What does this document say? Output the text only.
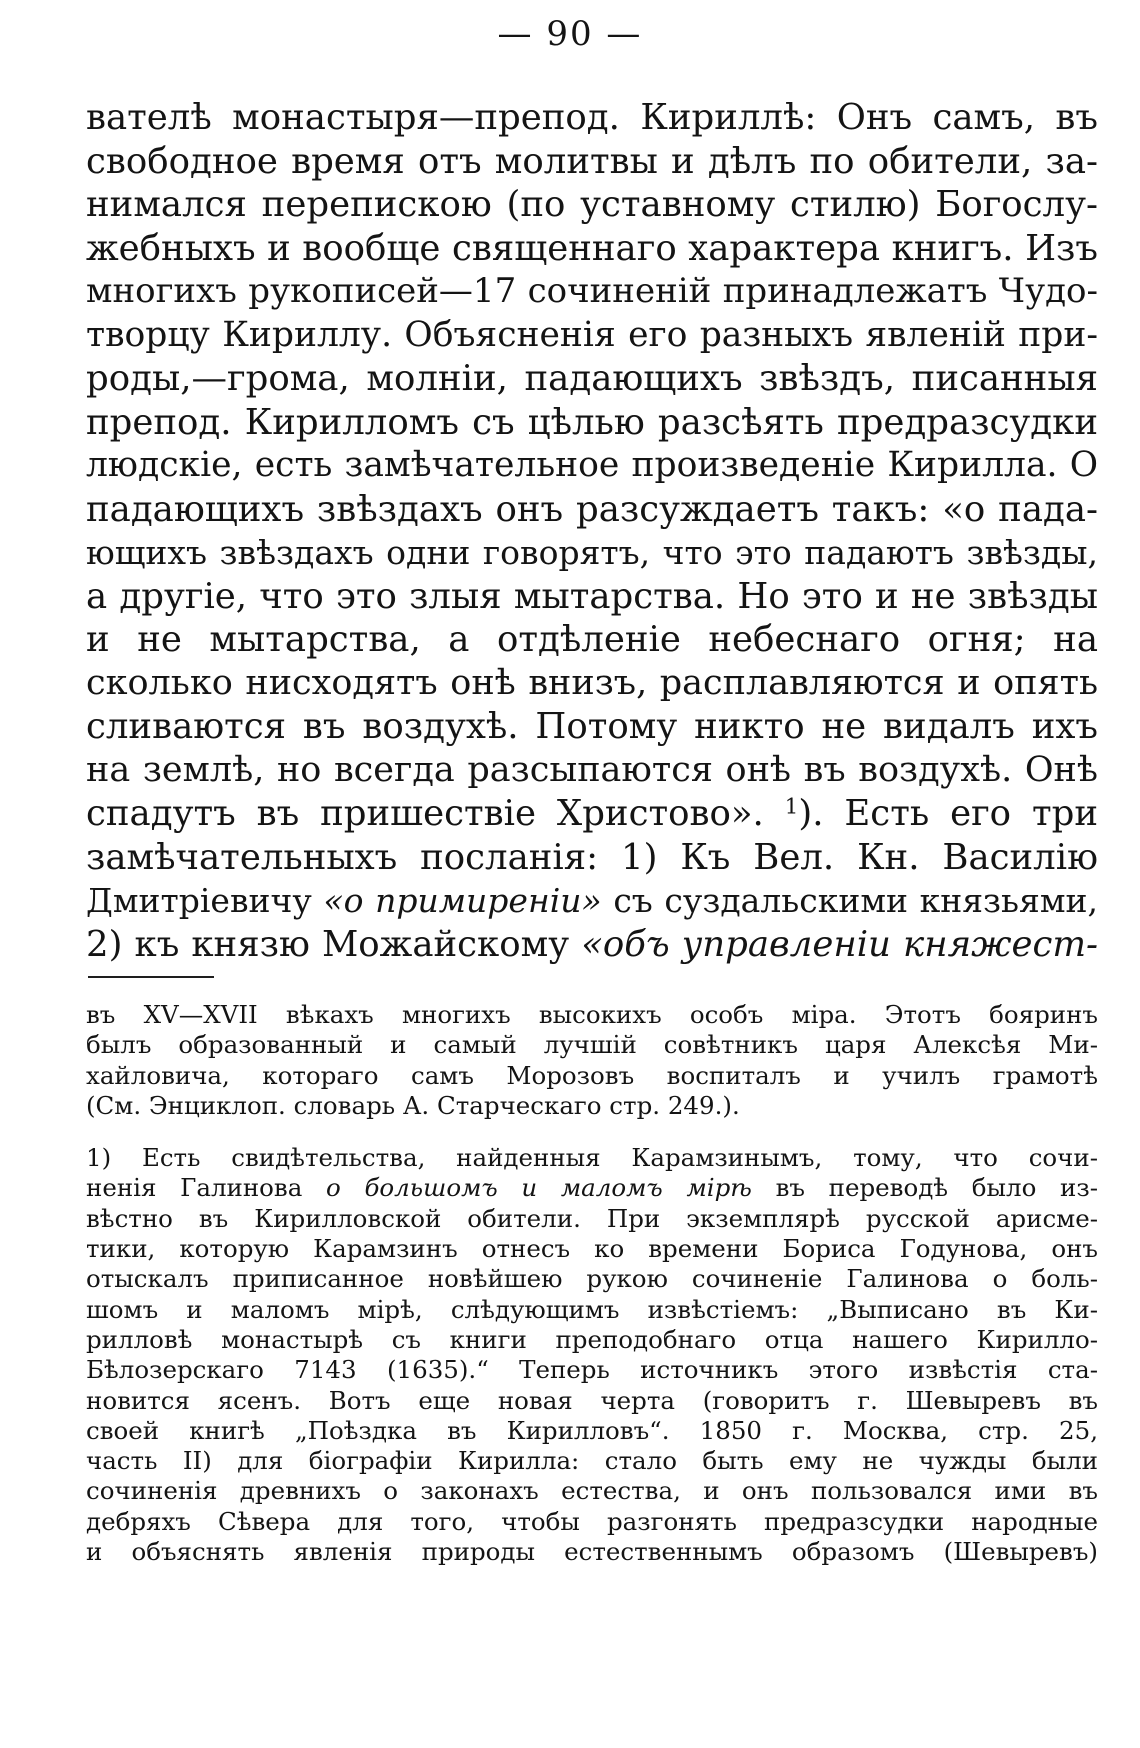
— 90 —
вателѣ монастыря—препод. Кириллѣ: Онъ самъ, въ
свободное время отъ молитвы и дѣлъ по обители, за-
нимался перепискою (по уставному стилю) Богослу-
жебныхъ и вообще священнаго характера книгъ. Изъ
многихъ рукописей—17 сочиненій принадлежатъ Чудо-
творцу Кириллу. Объясненія его разныхъ явленій при-
роды,—грома, молніи, падающихъ звѣздъ, писанныя
препод. Кирилломъ съ цѣлью разсѣять предразсудки
людскіе, есть замѣчательное произведеніе Кирилла. О
падающихъ звѣздахъ онъ разсуждаетъ такъ: «о пада-
ющихъ звѣздахъ одни говорятъ, что это падаютъ звѣзды,
а другіе, что это злыя мытарства. Но это и не звѣзды
и не мытарства, а отдѣленіе небеснаго огня; на
сколько нисходятъ онѣ внизъ, расплавляются и опять
сливаются въ воздухѣ. Потому никто не видалъ ихъ
на землѣ, но всегда разсыпаются онѣ въ воздухѣ. Онѣ
спадутъ въ пришествіе Христово». $^1$). Есть его три
замѣчательныхъ посланія: 1) Къ Вел. Кн. Василію
Дмитріевичу «о примиреніи» съ суздальскими князьями,
2) къ князю Можайскому «объ управленіи княжест-
въ XV—XVII вѣкахъ многихъ высокихъ особъ міра. Этотъ бояринъ
былъ образованный и самый лучшій совѣтникъ царя Алексѣя Ми-
хайловича, котораго самъ Морозовъ воспиталъ и училъ грамотѣ
(См. Энциклоп. словарь А. Старческаго стр. 249.).
1) Есть свидѣтельства, найденныя Карамзинымъ, тому, что сочи-
ненія Галинова о большомъ и маломъ мірѣ въ переводѣ было из-
вѣстно въ Кирилловской обители. При экземплярѣ русской арисме-
тики, которую Карамзинъ отнесъ ко времени Бориса Годунова, онъ
отыскалъ приписанное новѣйшею рукою сочиненіе Галинова о боль-
шомъ и маломъ мірѣ, слѣдующимъ извѣстіемъ: „Выписано въ Ки-
рилловѣ монастырѣ съ книги преподобнаго отца нашего Кирилло-
Бѣлозерскаго 7143 (1635).“ Теперь источникъ этого извѣстія ста-
новится ясенъ. Вотъ еще новая черта (говоритъ г. Шевыревъ въ
своей книгѣ „Поѣздка въ Кирилловъ“. 1850 г. Москва, стр. 25,
часть II) для біографіи Кирилла: стало быть ему не чужды были
сочиненія древнихъ о законахъ естества, и онъ пользовался ими въ
дебряхъ Сѣвера для того, чтобы разгонять предразсудки народные
и объяснять явленія природы естественнымъ образомъ (Шевыревъ)
